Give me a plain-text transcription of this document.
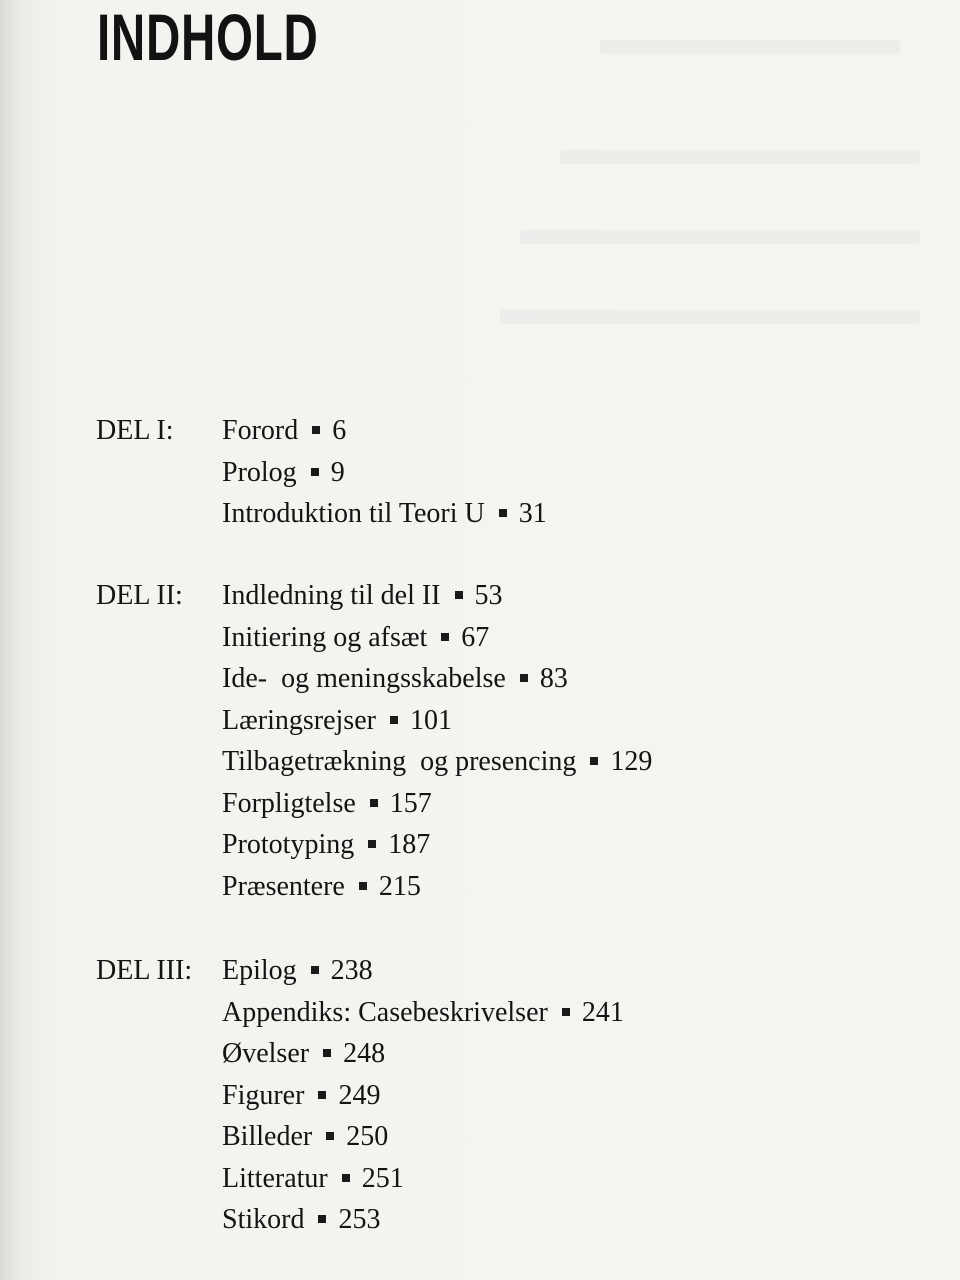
INDHOLD
DEL I: Forord 6
Prolog 9
Introduktion til Teori U 31
DEL II: Indledning til del II 53
Initiering og afsæt 67
Ide-  og meningsskabelse 83
Læringsrejser 101
Tilbagetrækning  og presencing 129
Forpligtelse 157
Prototyping 187
Præsentere 215
DEL III: Epilog 238
Appendiks: Casebeskrivelser 241
Øvelser 248
Figurer 249
Billeder 250
Litteratur 251
Stikord 253
